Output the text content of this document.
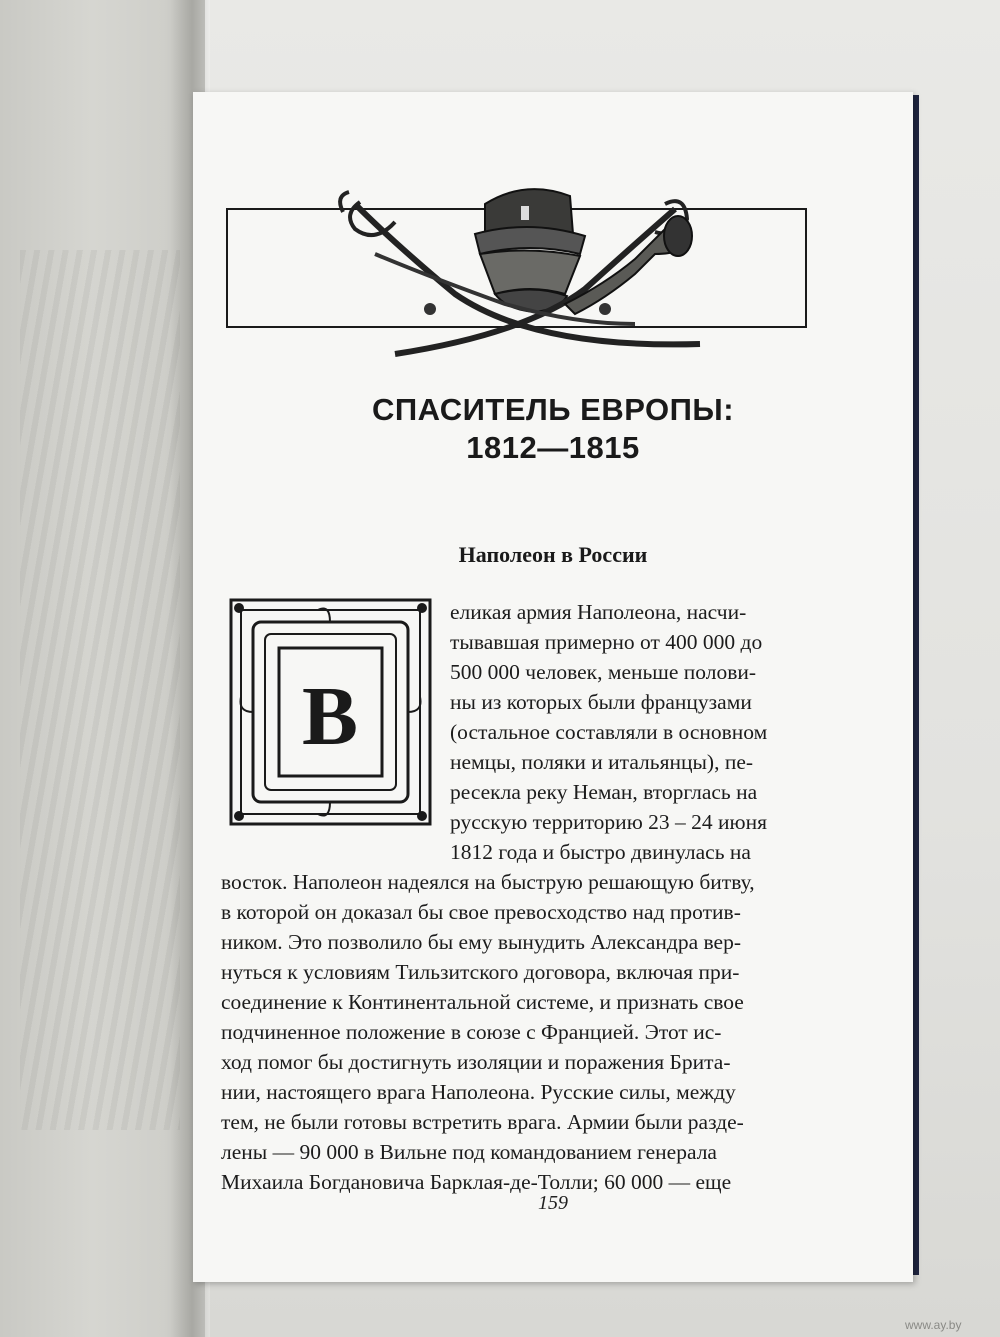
СПАСИТЕЛЬ ЕВРОПЫ:
1812—1815
Наполеон в России
В
еликая армия Наполеона, насчи-
тывавшая примерно от 400 000 до
500 000 человек, меньше полови-
ны из которых были французами
(остальное составляли в основном
немцы, поляки и итальянцы), пе-
ресекла реку Неман, вторглась на
русскую территорию 23 – 24 июня
1812 года и быстро двинулась на
восток. Наполеон надеялся на быструю решающую битву,
в которой он доказал бы свое превосходство над против-
ником. Это позволило бы ему вынудить Александра вер-
нуться к условиям Тильзитского договора, включая при-
соединение к Континентальной системе, и признать свое
подчиненное положение в союзе с Францией. Этот ис-
ход помог бы достигнуть изоляции и поражения Брита-
нии, настоящего врага Наполеона. Русские силы, между
тем, не были готовы встретить врага. Армии были разде-
лены — 90 000 в Вильне под командованием генерала
Михаила Богдановича Барклая-де-Толли; 60 000 — еще
159
www.ay.by
